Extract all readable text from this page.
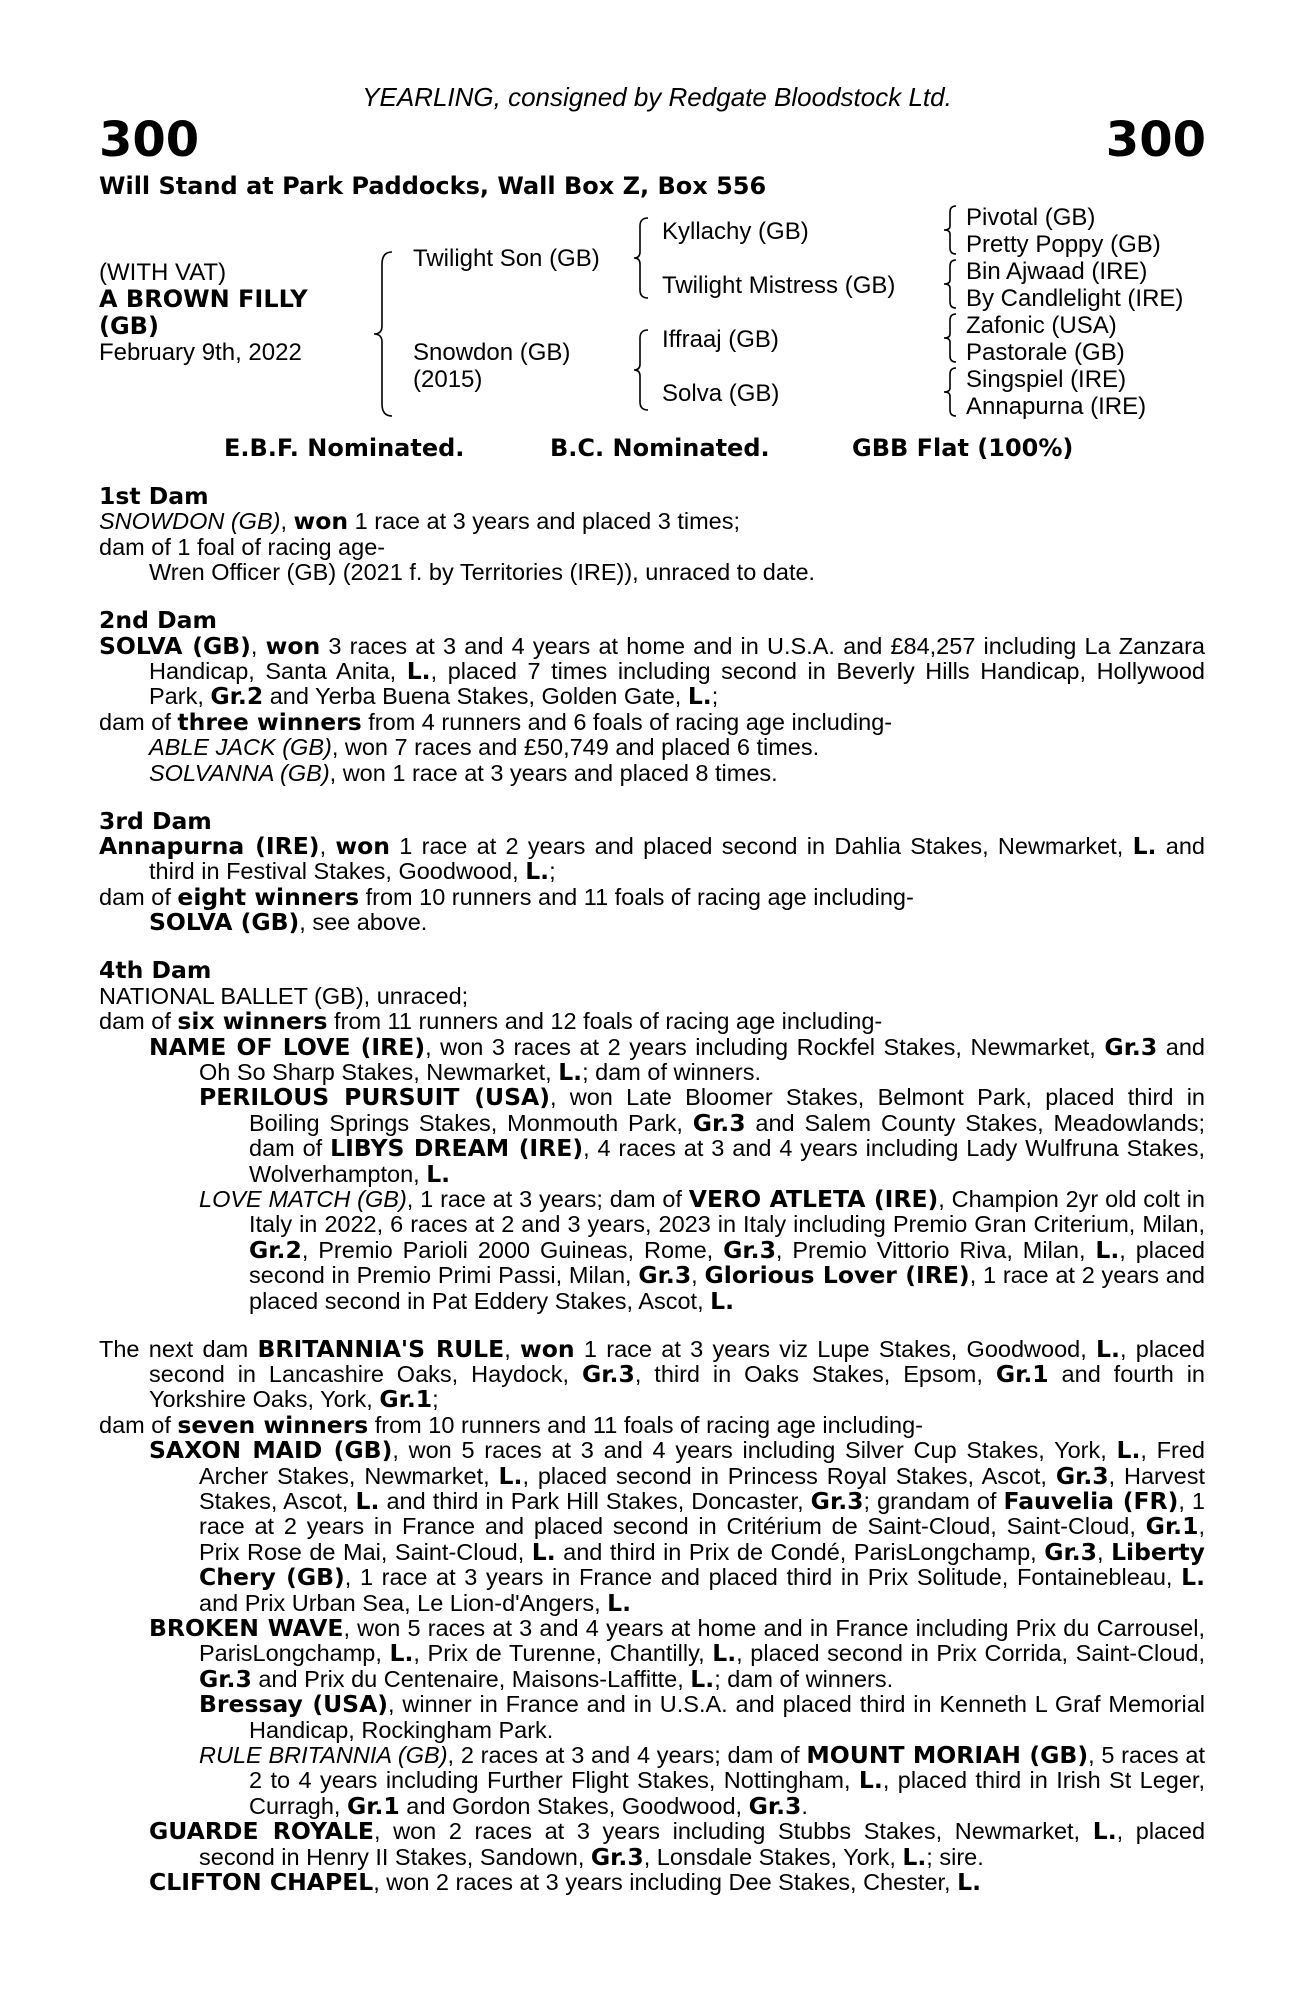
YEARLING, consigned by Redgate Bloodstock Ltd.
300	300
Will Stand at Park Paddocks, Wall Box Z, Box 556
(WITH VAT)
A BROWN FILLY
(GB)
February 9th, 2022
Twilight Son (GB)
Snowdon (GB)
(2015)
Kyllachy (GB)
Twilight Mistress (GB)
Iffraaj (GB)
Solva (GB)
Pivotal (GB)
Pretty Poppy (GB)
Bin Ajwaad (IRE)
By Candlelight (IRE)
Zafonic (USA)
Pastorale (GB)
Singspiel (IRE)
Annapurna (IRE)
E.B.F. Nominated.	B.C. Nominated.	GBB Flat (100%)
1st Dam
SNOWDON (GB), won 1 race at 3 years and placed 3 times;
dam of 1 foal of racing age-
Wren Officer (GB) (2021 f. by Territories (IRE)), unraced to date.
2nd Dam
SOLVA (GB), won 3 races at 3 and 4 years at home and in U.S.A. and £84,257 including La Zanzara Handicap, Santa Anita, L., placed 7 times including second in Beverly Hills Handicap, Hollywood Park, Gr.2 and Yerba Buena Stakes, Golden Gate, L.;
dam of three winners from 4 runners and 6 foals of racing age including-
ABLE JACK (GB), won 7 races and £50,749 and placed 6 times.
SOLVANNA (GB), won 1 race at 3 years and placed 8 times.
3rd Dam
Annapurna (IRE), won 1 race at 2 years and placed second in Dahlia Stakes, Newmarket, L. and third in Festival Stakes, Goodwood, L.;
dam of eight winners from 10 runners and 11 foals of racing age including-
SOLVA (GB), see above.
4th Dam
NATIONAL BALLET (GB), unraced;
dam of six winners from 11 runners and 12 foals of racing age including-
NAME OF LOVE (IRE), won 3 races at 2 years including Rockfel Stakes, Newmarket, Gr.3 and Oh So Sharp Stakes, Newmarket, L.; dam of winners.
PERILOUS PURSUIT (USA), won Late Bloomer Stakes, Belmont Park, placed third in Boiling Springs Stakes, Monmouth Park, Gr.3 and Salem County Stakes, Meadowlands; dam of LIBYS DREAM (IRE), 4 races at 3 and 4 years including Lady Wulfruna Stakes, Wolverhampton, L.
LOVE MATCH (GB), 1 race at 3 years; dam of VERO ATLETA (IRE), Champion 2yr old colt in Italy in 2022, 6 races at 2 and 3 years, 2023 in Italy including Premio Gran Criterium, Milan, Gr.2, Premio Parioli 2000 Guineas, Rome, Gr.3, Premio Vittorio Riva, Milan, L., placed second in Premio Primi Passi, Milan, Gr.3, Glorious Lover (IRE), 1 race at 2 years and placed second in Pat Eddery Stakes, Ascot, L.
The next dam BRITANNIA'S RULE, won 1 race at 3 years viz Lupe Stakes, Goodwood, L., placed second in Lancashire Oaks, Haydock, Gr.3, third in Oaks Stakes, Epsom, Gr.1 and fourth in Yorkshire Oaks, York, Gr.1;
dam of seven winners from 10 runners and 11 foals of racing age including-
SAXON MAID (GB), won 5 races at 3 and 4 years including Silver Cup Stakes, York, L., Fred Archer Stakes, Newmarket, L., placed second in Princess Royal Stakes, Ascot, Gr.3, Harvest Stakes, Ascot, L. and third in Park Hill Stakes, Doncaster, Gr.3; grandam of Fauvelia (FR), 1 race at 2 years in France and placed second in Critérium de Saint-Cloud, Saint-Cloud, Gr.1, Prix Rose de Mai, Saint-Cloud, L. and third in Prix de Condé, ParisLongchamp, Gr.3, Liberty Chery (GB), 1 race at 3 years in France and placed third in Prix Solitude, Fontainebleau, L. and Prix Urban Sea, Le Lion-d'Angers, L.
BROKEN WAVE, won 5 races at 3 and 4 years at home and in France including Prix du Carrousel, ParisLongchamp, L., Prix de Turenne, Chantilly, L., placed second in Prix Corrida, Saint-Cloud, Gr.3 and Prix du Centenaire, Maisons-Laffitte, L.; dam of winners.
Bressay (USA), winner in France and in U.S.A. and placed third in Kenneth L Graf Memorial Handicap, Rockingham Park.
RULE BRITANNIA (GB), 2 races at 3 and 4 years; dam of MOUNT MORIAH (GB), 5 races at 2 to 4 years including Further Flight Stakes, Nottingham, L., placed third in Irish St Leger, Curragh, Gr.1 and Gordon Stakes, Goodwood, Gr.3.
GUARDE ROYALE, won 2 races at 3 years including Stubbs Stakes, Newmarket, L., placed second in Henry II Stakes, Sandown, Gr.3, Lonsdale Stakes, York, L.; sire.
CLIFTON CHAPEL, won 2 races at 3 years including Dee Stakes, Chester, L.
